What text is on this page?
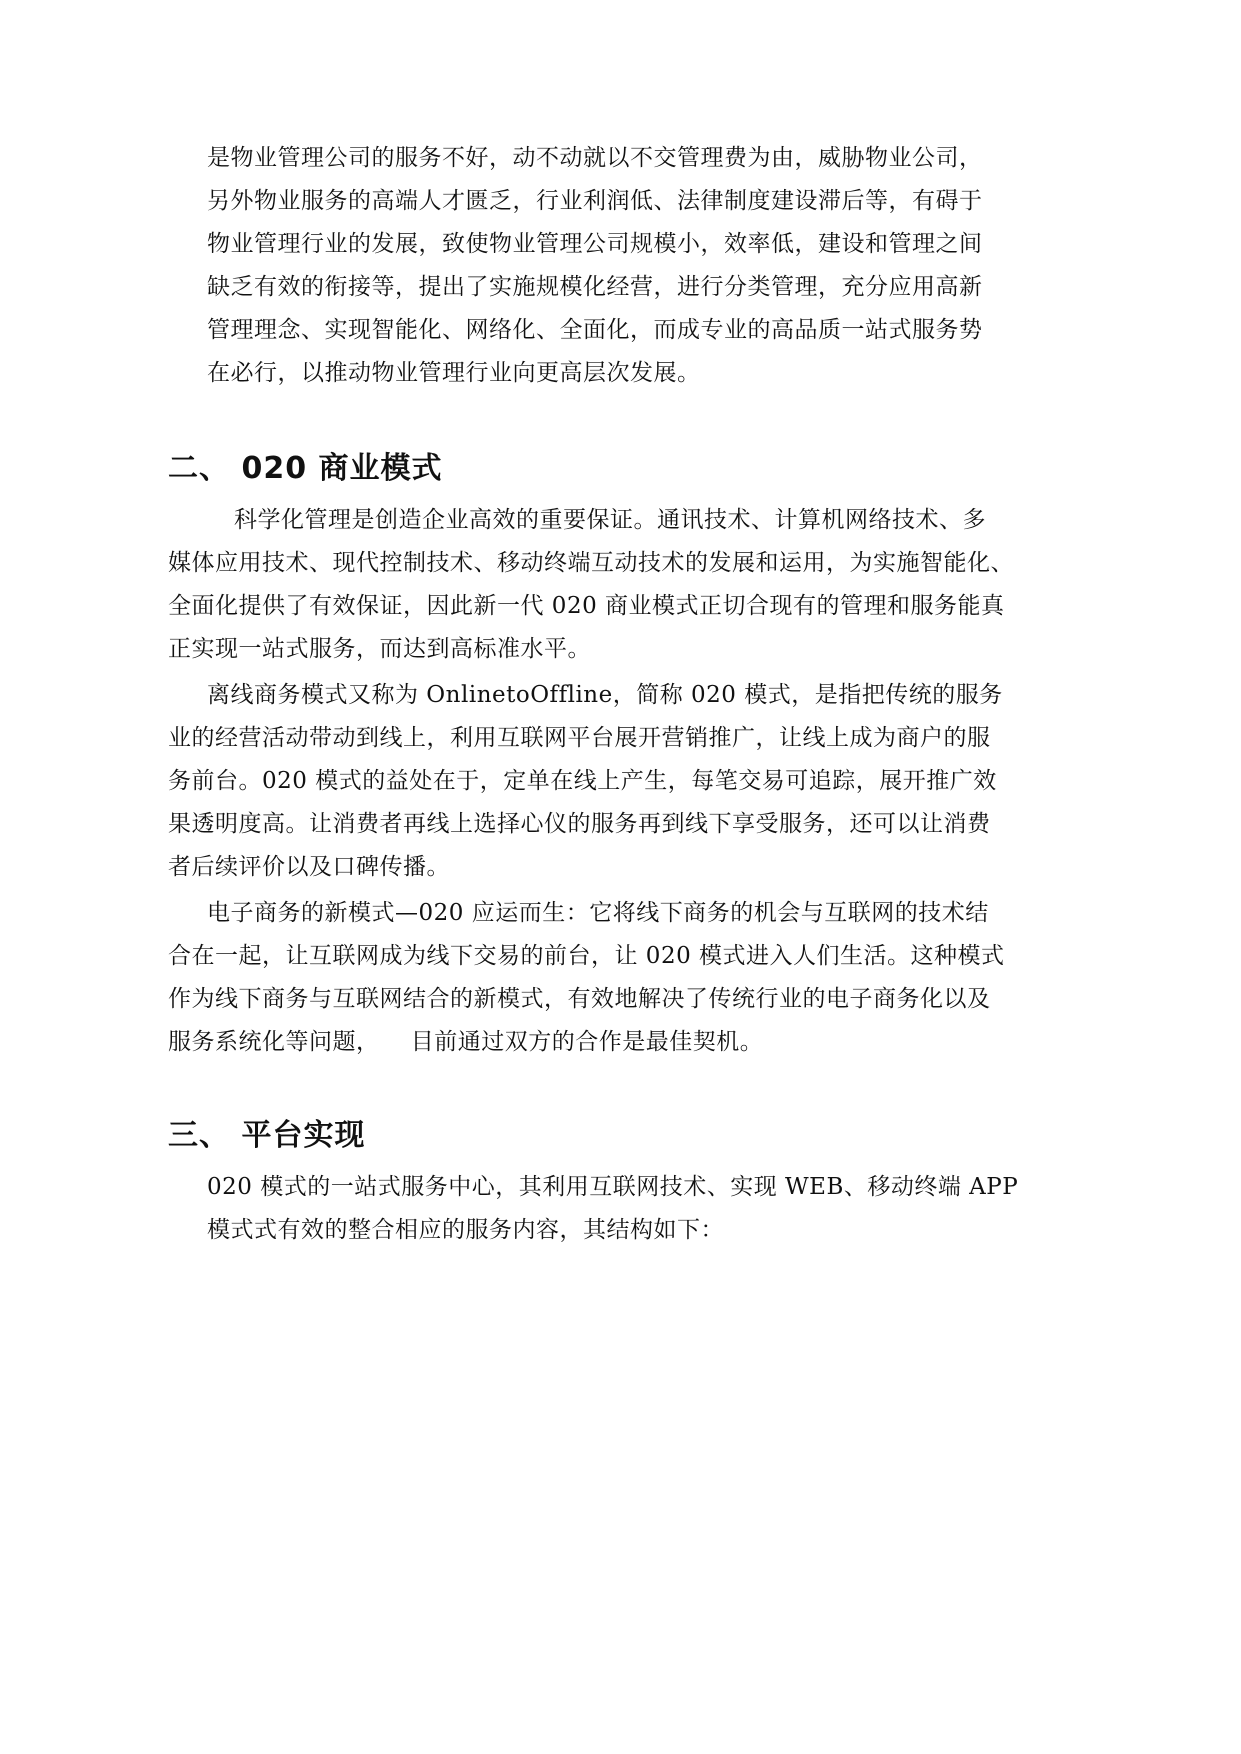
是物业管理公司的服务不好，动不动就以不交管理费为由，威胁物业公司，
另外物业服务的高端人才匮乏，行业利润低、法律制度建设滞后等，有碍于
物业管理行业的发展，致使物业管理公司规模小，效率低，建设和管理之间
缺乏有效的衔接等，提出了实施规模化经营，进行分类管理，充分应用高新
管理理念、实现智能化、网络化、全面化，而成专业的高品质一站式服务势
在必行，以推动物业管理行业向更高层次发展。
二、 020 商业模式
科学化管理是创造企业高效的重要保证。通讯技术、计算机网络技术、多
媒体应用技术、现代控制技术、移动终端互动技术的发展和运用，为实施智能化、
全面化提供了有效保证，因此新一代 020 商业模式正切合现有的管理和服务能真
正实现一站式服务，而达到高标准水平。
离线商务模式又称为 OnlinetoOffline，简称 020 模式，是指把传统的服务
业的经营活动带动到线上，利用互联网平台展开营销推广，让线上成为商户的服
务前台。020 模式的益处在于，定单在线上产生，每笔交易可追踪，展开推广效
果透明度高。让消费者再线上选择心仪的服务再到线下享受服务，还可以让消费
者后续评价以及口碑传播。
电子商务的新模式—020 应运而生：它将线下商务的机会与互联网的技术结
合在一起，让互联网成为线下交易的前台，让 020 模式进入人们生活。这种模式
作为线下商务与互联网结合的新模式，有效地解决了传统行业的电子商务化以及
服务系统化等问题，    目前通过双方的合作是最佳契机。
三、 平台实现
020 模式的一站式服务中心，其利用互联网技术、实现 WEB、移动终端 APP
模式式有效的整合相应的服务内容，其结构如下：
